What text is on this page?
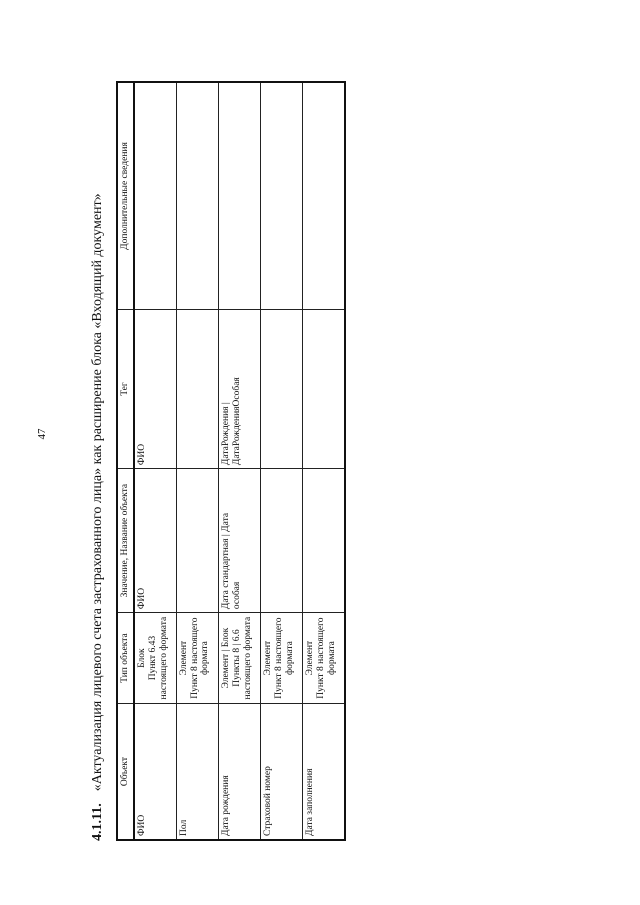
47
4.1.11.«Актуализация лицевого счета застрахованного лица» как расширение блока «Входящий документ»	Объект	Тип объекта	Значение, Название объекта	Тег	Дополнительные сведения
ФИО	Блок
Пункт 6.43
настоящего формата	ФИО	ФИО	
Пол	Элемент
Пункт 8 настоящего
формата			
Дата рождения	Элемент | Блок
Пункты 8 | 6.6
настоящего формата	Дата стандартная | Дата
особая	ДатаРождения |
ДатаРожденияОсобая	
Страховой номер	Элемент
Пункт 8 настоящего
формата			
Дата заполнения	Элемент
Пункт 8 настоящего
формата			
